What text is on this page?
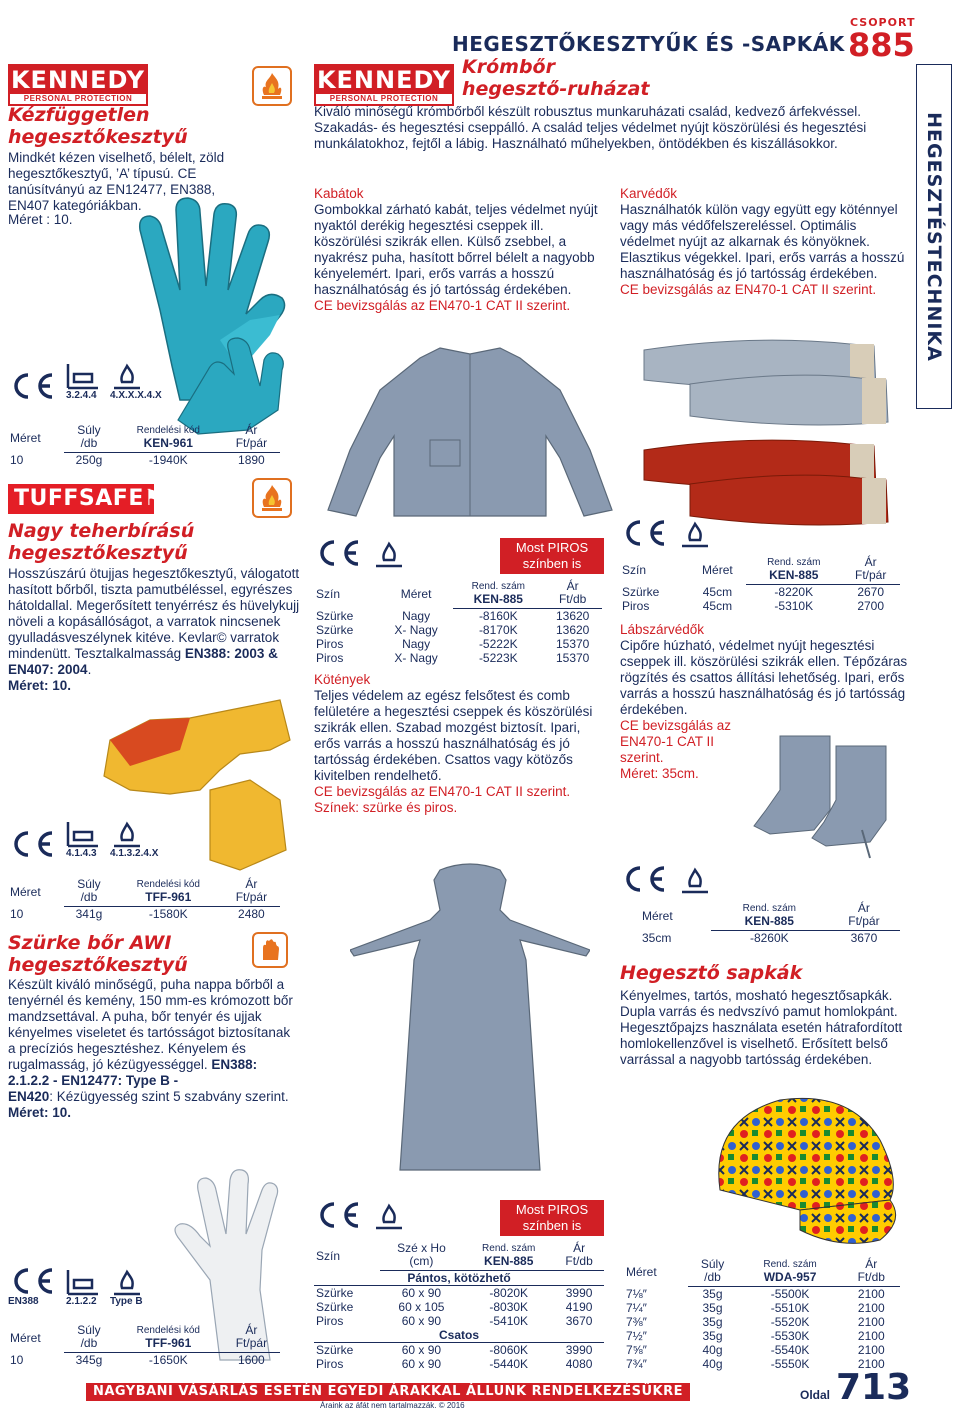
HEGESZTŐKESZTYŰK ÉS -SAPKÁK
CSOPORT
885
HEGESZTÉSTECHNIKA
KENNEDY
PERSONAL PROTECTION
Kézfüggetlen hegesztőkesztyű
Mindkét kézen viselhető, bélelt, zöld hegesztőkesztyű, ’A’ típusú. CE tanúsítványú az EN12477, EN388, EN407 kategóriákban.
Méret : 10.
3.2.4.4	4.X.X.X.4.X
Méret	Súly	Rendelési kód	Ár
	/db	KEN-961	Ft/pár
10	250g	-1940K	1890
TUFFSAFE⚑
Nagy teherbírású hegesztőkesztyű
Hosszúszárú ötujjas hegesztőkesztyű, válogatott hasított bőrből, tiszta pamutbéléssel, egyrészes hátoldallal. Megerősített tenyérrész és hüvelykujj növeli a kopásállóságot, a varratok nincsenek gyulladásveszélynek kitéve. Kevlar© varratok mindenütt. Tesztalkalmasság EN388: 2003 & EN407: 2004.
Méret: 10.
4.1.4.3	4.1.3.2.4.X
Méret	Súly	Rendelési kód	Ár
	/db	TFF-961	Ft/pár
10	341g	-1580K	2480
Szürke bőr AWI hegesztőkesztyű
Készült kiváló minőségű, puha nappa bőrből a tenyérnél és kemény, 150 mm-es krómozott bőr mandzsettával. A puha, bőr tenyér és ujjak kényelmes viseletet és tartósságot biztosítanak a precíziós hegesztéshez. Kényelem és rugalmasság, jó kézügyességgel. EN388: 2.1.2.2 - EN12477: Type B -
EN420: Kézügyesség szint 5 szabvány szerint.
Méret: 10.
EN388	2.1.2.2	Type B
Méret	Súly	Rendelési kód	Ár
	/db	TFF-961	Ft/pár
10	345g	-1650K	1600
KENNEDY
PERSONAL PROTECTION
Krómbőr
hegesztő-ruházat
Kiváló minőségű krómbőrből készült robusztus munkaruházati család, kedvező árfekvéssel. Szakadás- és hegesztési cseppálló. A család teljes védelmet nyújt köszörülési és hegesztési munkálatokhoz, fejtől a lábig. Használható műhelyekben, öntödékben és kiszállásokkor.
Kabátok
Gombokkal zárható kabát, teljes védelmet nyújt nyaktól derékig hegesztési cseppek ill. köszörülési szikrák ellen. Külső zsebbel, a nyakrész puha, hasított bőrrel bélelt a nagyobb kényelemért. Ipari, erős varrás a hosszú használhatóság és jó tartósság érdekében.
CE bevizsgálás az EN470-1 CAT II szerint.
Most PIROS színben is
Szín	Méret	Rend. szám	Ár
		KEN-885	Ft/db
Szürke	Nagy	-8160K	13620
Szürke	X- Nagy	-8170K	13620
Piros	Nagy	-5222K	15370
Piros	X- Nagy	-5223K	15370
Kötények
Teljes védelem az egész felsőtest és comb felületére a hegesztési cseppek és köszörülési szikrák ellen. Szabad mozgést biztosít. Ipari, erős varrás a hosszú használhatóság és jó tartósság érdekében. Csattos vagy kötözős kivitelben rendelhető.
CE bevizsgálás az EN470-1 CAT II szerint.
Színek: szürke és piros.
Most PIROS színben is
Szín	Szé x Ho	Rend. szám	Ár
	(cm)	KEN-885	Ft/db
Pántos, kötözhető			
Szürke	60 x 90	-8020K	3990
Szürke	60 x 105	-8030K	4190
Piros	60 x 90	-5410K	3670
Csatos			
Szürke	60 x 90	-8060K	3990
Piros	60 x 90	-5440K	4080
Karvédők
Használhatók külön vagy együtt egy köténnyel vagy más védőfelszereléssel. Optimális védelmet nyújt az alkarnak és könyöknek. Elasztikus végekkel. Ipari, erős varrás a hosszú használhatóság és jó tartósság érdekében.
CE bevizsgálás az EN470-1 CAT II szerint.
Szín	Méret	Rend. szám	Ár
		KEN-885	Ft/pár
Szürke	45cm	-8220K	2670
Piros	45cm	-5310K	2700
Lábszárvédők
Cipőre húzható, védelmet nyújt hegesztési cseppek ill. köszörülési szikrák ellen. Tépőzáras rögzítés és csattos állítási lehetőség. Ipari, erős varrás a hosszú használhatóság és jó tartósság érdekében.
CE bevizsgálás az EN470-1 CAT II szerint.
Méret: 35cm.
Méret	Rend. szám	Ár
	KEN-885	Ft/pár
35cm	-8260K	3670
Hegesztő sapkák
Kényelmes, tartós, mosható hegesztősapkák. Dupla varrás és nedvszívó pamut homlokpánt. Hegesztőpajzs használata esetén hátrafordított homlokellenzővel is viselhető. Erősített belső varrással a nagyobb tartósság érdekében.
Méret	Súly	Rend. szám	Ár
	/db	WDA-957	Ft/db
7⅛″	35g	-5500K	2100
7¼″	35g	-5510K	2100
7⅜″	35g	-5520K	2100
7½″	35g	-5530K	2100
7⅝″	40g	-5540K	2100
7¾″	40g	-5550K	2100
NAGYBANI VÁSÁRLÁS ESETÉN EGYEDI ÁRAKKAL ÁLLUNK RENDELKEZÉSÜKRE
Áraink az áfát nem tartalmazzák. © 2016
Oldal 713
